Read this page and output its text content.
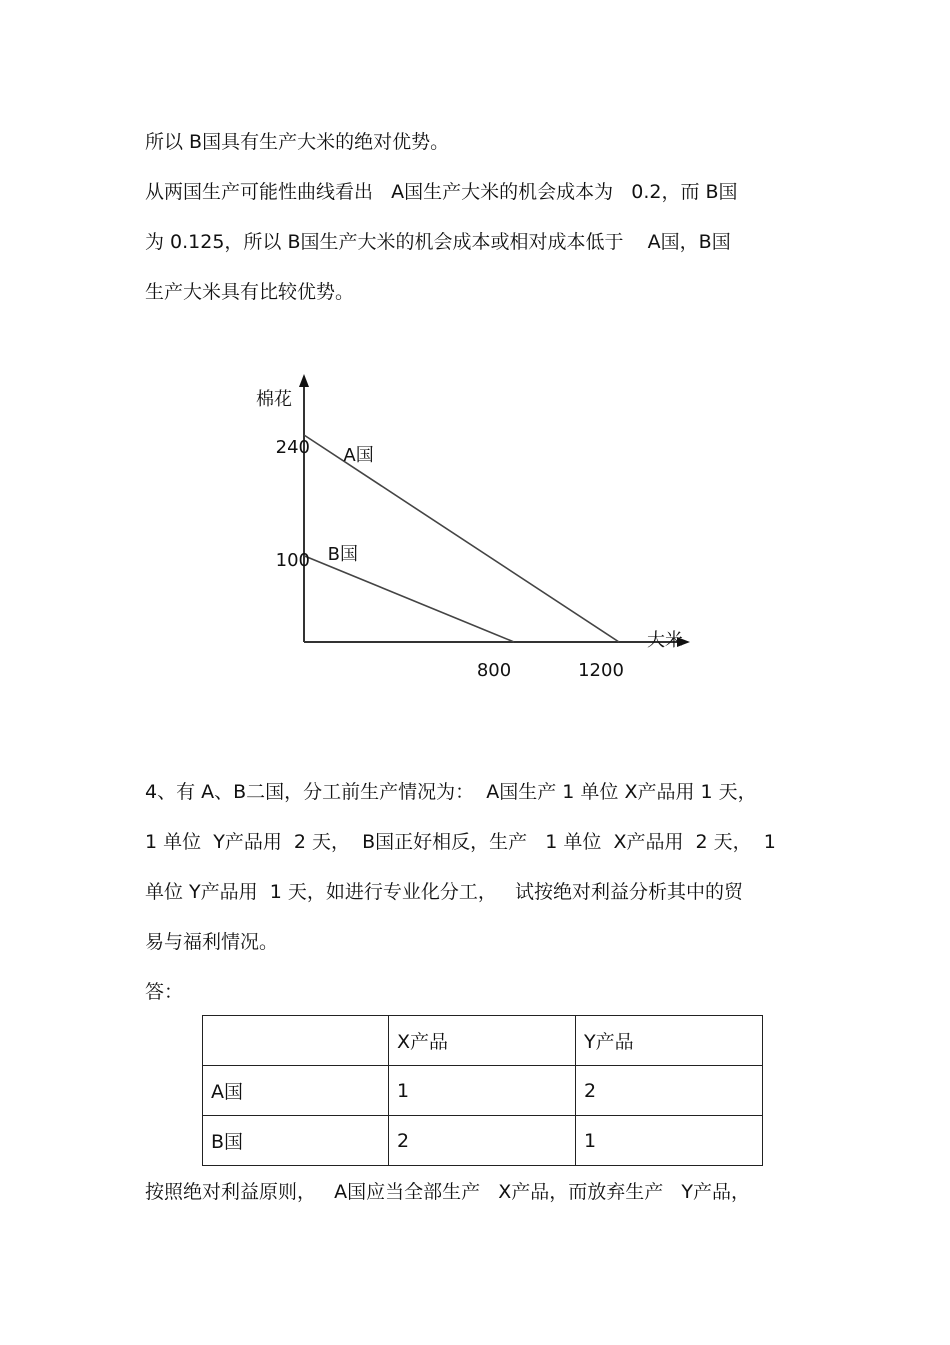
所以 B国具有生产大米的绝对优势。

从两国生产可能性曲线看出   A国生产大米的机会成本为   0.2，而 B国
为 0.125，所以 B国生产大米的机会成本或相对成本低于    A国，B国
生产大米具有比较优势。

棉花
大米
240
100
800	1200
A国
B国

4、有 A、B二国，分工前生产情况为：  A国生产 1 单位 X产品用 1 天，
1 单位  Y产品用  2 天，  B国正好相反，生产   1 单位  X产品用  2 天，  1
单位 Y产品用  1 天，如进行专业化分工，   试按绝对利益分析其中的贸
易与福利情况。

答：

	X产品	Y产品
A国	1	2
B国	2	1

按照绝对利益原则，   A国应当全部生产   X产品，而放弃生产   Y产品，
